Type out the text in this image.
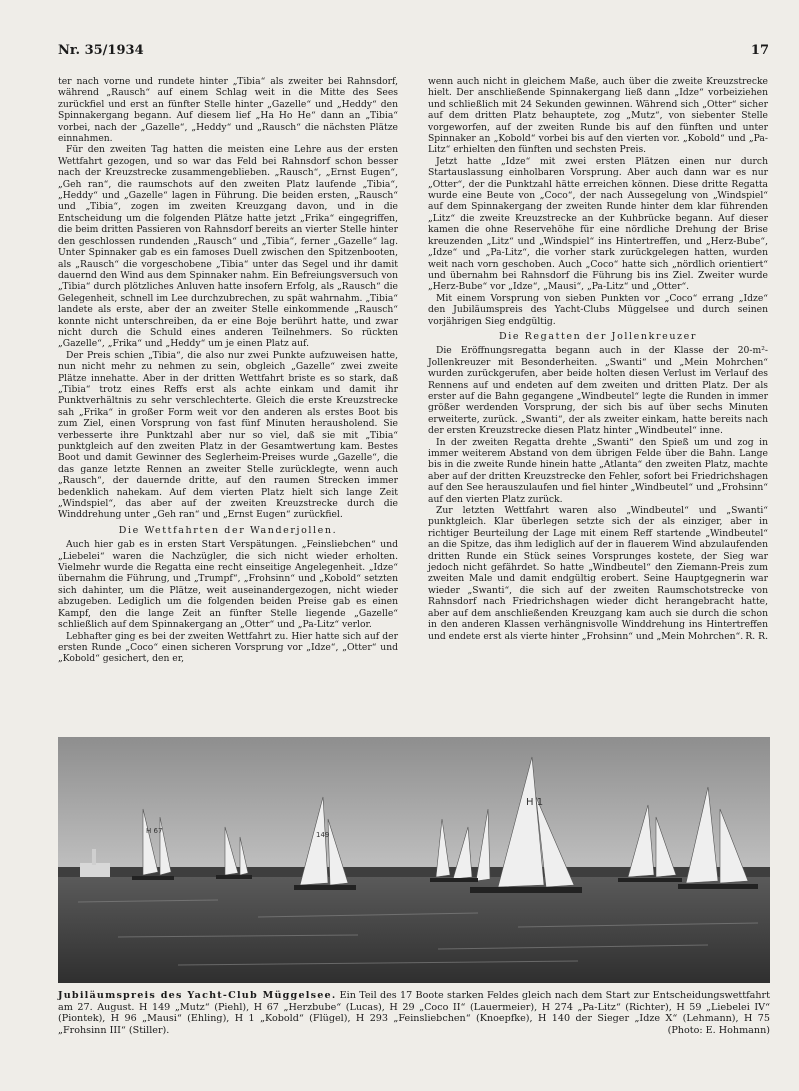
Nr. 35/1934	17

ter nach vorne und rundete hinter „Tibia“ als zweiter bei Rahnsdorf, während „Rausch“ auf einem Schlag weit in die Mitte des Sees zurückfiel und erst an fünfter Stelle hinter „Gazelle“ und „Heddy“ den Spinnakergang begann. Auf diesem lief „Ha Ho He“ dann an „Tibia“ vorbei, nach der „Gazelle“, „Heddy“ und „Rausch“ die nächsten Plätze einnahmen.

Für den zweiten Tag hatten die meisten eine Lehre aus der ersten Wettfahrt gezogen, und so war das Feld bei Rahnsdorf schon besser nach der Kreuzstrecke zusammengeblieben. „Rausch“, „Ernst Eugen“, „Geh ran“, die raumschots auf den zweiten Platz laufende „Tibia“, „Heddy“ und „Gazelle“ lagen in Führung. Die beiden ersten, „Rausch“ und „Tibia“, zogen im zweiten Kreuzgang davon, und in die Entscheidung um die folgenden Plätze hatte jetzt „Frika“ eingegriffen, die beim dritten Passieren von Rahnsdorf bereits an vierter Stelle hinter den geschlossen rundenden „Rausch“ und „Tibia“, ferner „Gazelle“ lag. Unter Spinnaker gab es ein famoses Duell zwischen den Spitzenbooten, als „Rausch“ die vorgeschobene „Tibia“ unter das Segel und ihr damit dauernd den Wind aus dem Spinnaker nahm. Ein Befreiungsversuch von „Tibia“ durch plötzliches Anluven hatte insofern Erfolg, als „Rausch“ die Gelegenheit, schnell im Lee durchzubrechen, zu spät wahrnahm. „Tibia“ landete als erste, aber der an zweiter Stelle einkommende „Rausch“ konnte nicht unterschreiben, da er eine Boje berührt hatte, und zwar nicht durch die Schuld eines anderen Teilnehmers. So rückten „Gazelle“, „Frika“ und „Heddy“ um je einen Platz auf.

Der Preis schien „Tibia“, die also nur zwei Punkte aufzuweisen hatte, nun nicht mehr zu nehmen zu sein, obgleich „Gazelle“ zwei zweite Plätze innehatte. Aber in der dritten Wettfahrt briste es so stark, daß „Tibia“ trotz eines Reffs erst als achte einkam und damit ihr Punktverhältnis zu sehr verschlechterte. Gleich die erste Kreuzstrecke sah „Frika“ in großer Form weit vor den anderen als erstes Boot bis zum Ziel, einen Vorsprung von fast fünf Minuten herausholend. Sie verbesserte ihre Punktzahl aber nur so viel, daß sie mit „Tibia“ punktgleich auf den zweiten Platz in der Gesamtwertung kam. Bestes Boot und damit Gewinner des Seglerheim-Preises wurde „Gazelle“, die das ganze letzte Rennen an zweiter Stelle zurücklegte, wenn auch „Rausch“, der dauernde dritte, auf den raumen Strecken immer bedenklich nahekam. Auf dem vierten Platz hielt sich lange Zeit „Windspiel“, das aber auf der zweiten Kreuzstrecke durch die Winddrehung unter „Geh ran“ und „Ernst Eugen“ zurückfiel.

Die Wettfahrten der Wanderjollen.

Auch hier gab es in ersten Start Verspätungen. „Feinsliebchen“ und „Liebelei“ waren die Nachzügler, die sich nicht wieder erholten. Vielmehr wurde die Regatta eine recht einseitige Angelegenheit. „Idze“ übernahm die Führung, und „Trumpf“, „Frohsinn“ und „Kobold“ setzten sich dahinter, um die Plätze, weit auseinandergezogen, nicht wieder abzugeben. Lediglich um die folgenden beiden Preise gab es einen Kampf, den die lange Zeit an fünfter Stelle liegende „Gazelle“ schließlich auf dem Spinnakergang an „Otter“ und „Pa-Litz“ verlor.

Lebhafter ging es bei der zweiten Wettfahrt zu. Hier hatte sich auf der ersten Runde „Coco“ einen sicheren Vorsprung vor „Idze“, „Otter“ und „Kobold“ gesichert, den er,

wenn auch nicht in gleichem Maße, auch über die zweite Kreuzstrecke hielt. Der anschließende Spinnakergang ließ dann „Idze“ vorbeiziehen und schließlich mit 24 Sekunden gewinnen. Während sich „Otter“ sicher auf dem dritten Platz behauptete, zog „Mutz“, von siebenter Stelle vorgeworfen, auf der zweiten Runde bis auf den fünften und unter Spinnaker an „Kobold“ vorbei bis auf den vierten vor. „Kobold“ und „Pa-Litz“ erhielten den fünften und sechsten Preis.

Jetzt hatte „Idze“ mit zwei ersten Plätzen einen nur durch Startauslassung einholbaren Vorsprung. Aber auch dann war es nur „Otter“, der die Punktzahl hätte erreichen können. Diese dritte Regatta wurde eine Beute von „Coco“, der nach Aussegelung von „Windspiel“ auf dem Spinnakergang der zweiten Runde hinter dem klar führenden „Litz“ die zweite Kreuzstrecke an der Kuhbrücke begann. Auf dieser kamen die ohne Reservehöhe für eine nördliche Drehung der Brise kreuzenden „Litz“ und „Windspiel“ ins Hintertreffen, und „Herz-Bube“, „Idze“ und „Pa-Litz“, die vorher stark zurückgelegen hatten, wurden weit nach vorn geschoben. Auch „Coco“ hatte sich „nördlich orientiert“ und übernahm bei Rahnsdorf die Führung bis ins Ziel. Zweiter wurde „Herz-Bube“ vor „Idze“, „Mausi“, „Pa-Litz“ und „Otter“.

Mit einem Vorsprung von sieben Punkten vor „Coco“ errang „Idze“ den Jubiläumspreis des Yacht-Clubs Müggelsee und durch seinen vorjährigen Sieg endgültig.

Die Regatten der Jollenkreuzer

Die Eröffnungsregatta begann auch in der Klasse der 20-m²-Jollenkreuzer mit Besonderheiten. „Swanti“ und „Mein Mohrchen“ wurden zurückgerufen, aber beide holten diesen Verlust im Verlauf des Rennens auf und endeten auf dem zweiten und dritten Platz. Der als erster auf die Bahn gegangene „Windbeutel“ legte die Runden in immer größer werdenden Vorsprung, der sich bis auf über sechs Minuten erweiterte, zurück. „Swanti“, der als zweiter einkam, hatte bereits nach der ersten Kreuzstrecke diesen Platz hinter „Windbeutel“ inne.

In der zweiten Regatta drehte „Swanti“ den Spieß um und zog in immer weiterem Abstand von dem übrigen Felde über die Bahn. Lange bis in die zweite Runde hinein hatte „Atlanta“ den zweiten Platz, machte aber auf der dritten Kreuzstrecke den Fehler, sofort bei Friedrichshagen auf den See herauszulaufen und fiel hinter „Windbeutel“ und „Frohsinn“ auf den vierten Platz zurück.

Zur letzten Wettfahrt waren also „Windbeutel“ und „Swanti“ punktgleich. Klar überlegen setzte sich der als einziger, aber in richtiger Beurteilung der Lage mit einem Reff startende „Windbeutel“ an die Spitze, das ihm lediglich auf der in flauerem Wind abzulaufenden dritten Runde ein Stück seines Vorsprunges kostete, der Sieg war jedoch nicht gefährdet. So hatte „Windbeutel“ den Ziemann-Preis zum zweiten Male und damit endgültig erobert. Seine Hauptgegnerin war wieder „Swanti“, die sich auf der zweiten Raumschotstrecke von Rahnsdorf nach Friedrichshagen wieder dicht herangebracht hatte, aber auf dem anschließenden Kreuzgang kam auch sie durch die schon in den anderen Klassen verhängnisvolle Winddrehung ins Hintertreffen und endete erst als vierte hinter „Frohsinn“ und „Mein Mohrchen“. R. R.

149
H 67
H 1
Jubiläumspreis des Yacht-Club Müggelsee. Ein Teil des 17 Boote starken Feldes gleich nach dem Start zur Entscheidungswettfahrt am 27. August. H 149 „Mutz“ (Piehl), H 67 „Herzbube“ (Lucas), H 29 „Coco II“ (Lauermeier), H 274 „Pa-Litz“ (Richter), H 59 „Liebelei IV“ (Piontek), H 96 „Mausi“ (Ehling), H 1 „Kobold“ (Flügel), H 293 „Feinsliebchen“ (Knoepfke), H 140 der Sieger „Idze X“ (Lehmann), H 75 „Frohsinn III“ (Stiller).	(Photo: E. Hohmann)
